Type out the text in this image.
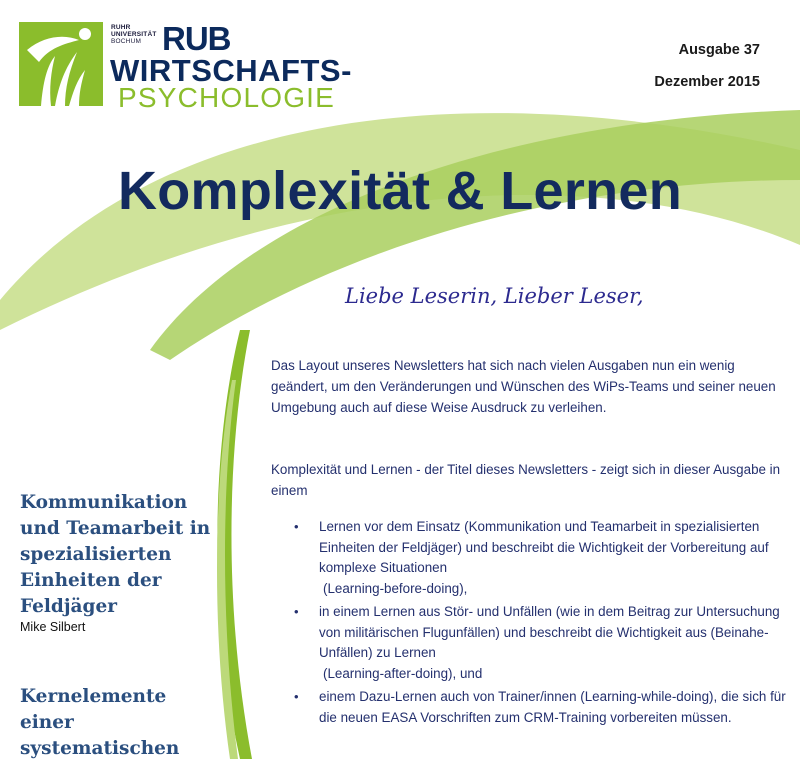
RUHR
UNIVERSITÄT
BOCHUM RUB
WIRTSCHAFTS-
PSYCHOLOGIE
Ausgabe 37
Dezember 2015
Komplexität & Lernen
Liebe Leserin, Lieber Leser,
Das Layout unseres Newsletters hat sich nach vielen Ausgaben nun ein wenig geändert, um den Veränderungen und Wünschen des WiPs-Teams und seiner neuen Umgebung auch auf diese Weise Ausdruck zu verleihen.
Komplexität und Lernen - der Titel dieses Newsletters - zeigt sich in dieser Ausgabe in einem
• Lernen vor dem Einsatz (Kommunikation und Teamarbeit in spezialisierten Einheiten der Feldjäger) und beschreibt die Wichtigkeit der Vorbereitung auf komplexe Situationen
(Learning-before-doing),
• in einem Lernen aus Stör- und Unfällen (wie in dem Beitrag zur Untersuchung von militärischen Flugunfällen) und beschreibt die Wichtigkeit aus (Beinahe-Unfällen) zu Lernen
(Learning-after-doing), und
• einem Dazu-Lernen auch von Trainer/innen (Learning-while-doing), die sich für die neuen EASA Vorschriften zum CRM-Training vorbereiten müssen.
Kommunikation und Teamarbeit in spezialisierten Einheiten der Feldjäger
Mike Silbert
Kernelemente einer systematischen
